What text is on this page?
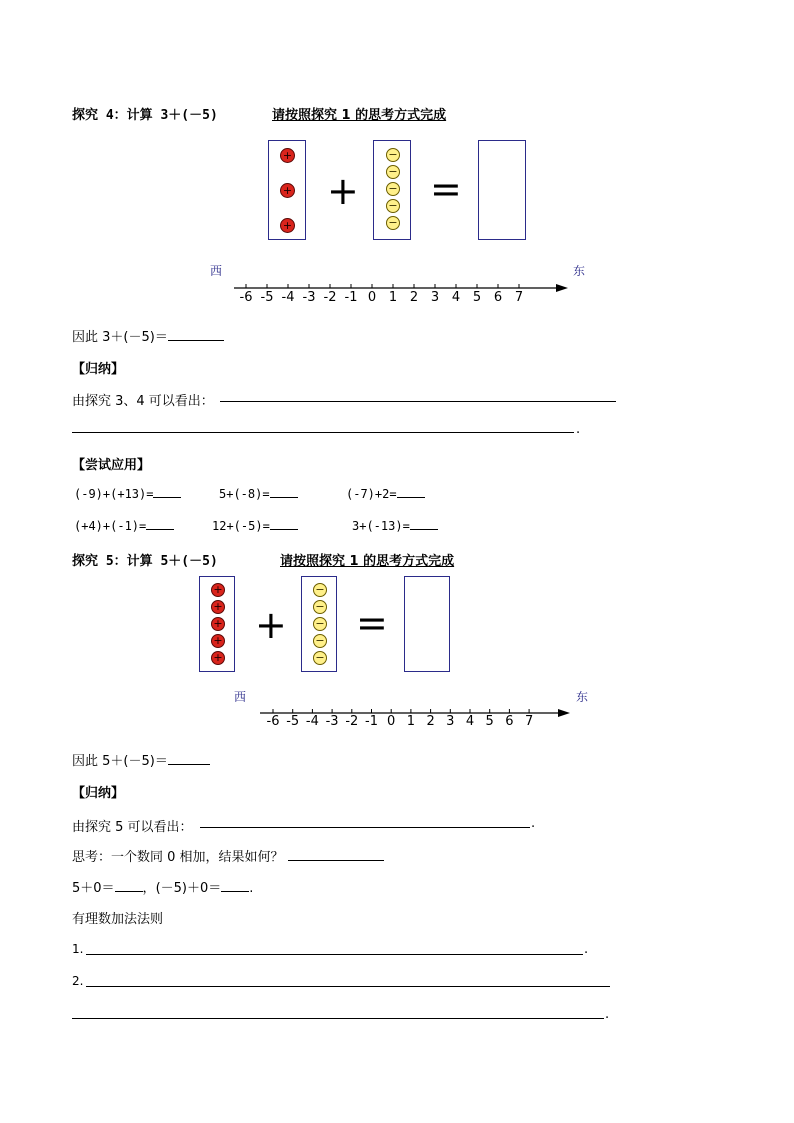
探究 4：计算 3＋(－5)	请按照探究 1 的思考方式完成
+
+
+
+
−
−
−
−
−
=
西	东
-6 -5 -4 -3 -2 -1 0 1 2 3 4 5 6 7
因此 3＋(－5)＝
【归纳】
由探究 3、4 可以看出：
.
【尝试应用】
(-9)+(+13)=	5+(-8)=	(-7)+2=
(+4)+(-1)=	12+(-5)=	3+(-13)=
探究 5：计算 5＋(－5)	请按照探究 1 的思考方式完成
+
+
+
+
+
+
−
−
−
−
−
=
西	东
-6 -5 -4 -3 -2 -1 0 1 2 3 4 5 6 7
因此 5＋(－5)＝
【归纳】
由探究 5 可以看出：	.
思考：一个数同 0 相加，结果如何？
5＋0＝ ，(－5)＋0＝ .
有理数加法法则
1.	.
2.
.
